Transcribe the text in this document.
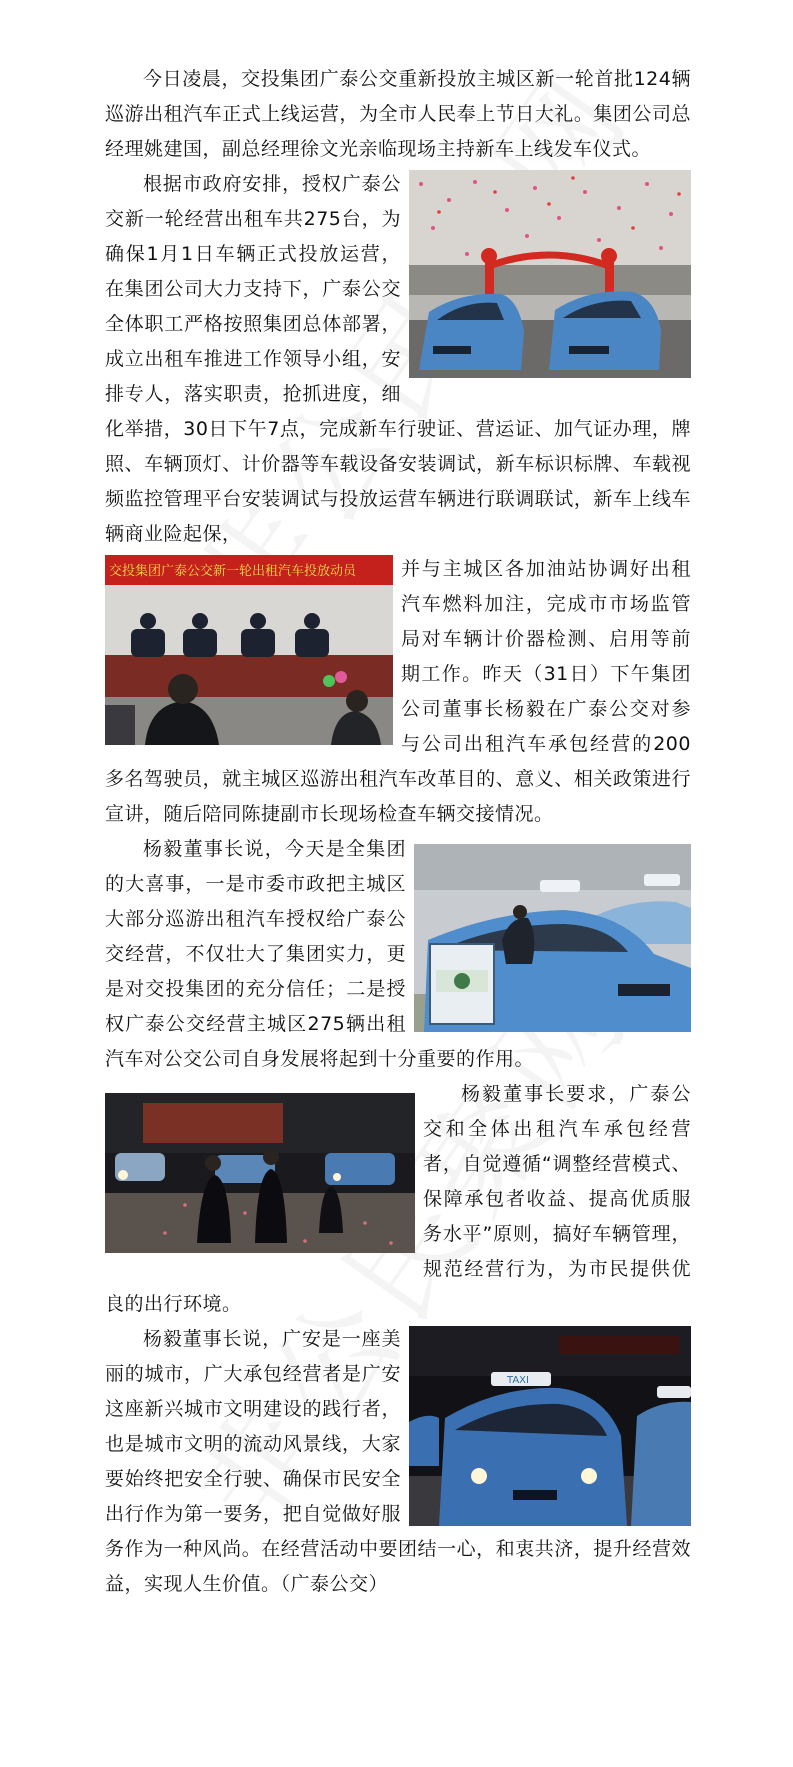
今日凌晨，交投集团广泰公交重新投放主城区新一轮首批124辆巡游出租汽车正式上线运营，为全市人民奉上节日大礼。集团公司总经理姚建国，副总经理徐文光亲临现场主持新车上线发车仪式。

根据市政府安排，授权广泰公交新一轮经营出租车共275台，为确保1月1日车辆正式投放运营，在集团公司大力支持下，广泰公交全体职工严格按照集团总体部署，成立出租车推进工作领导小组，安排专人，落实职责，抢抓进度，细化举措，30日下午7点，完成新车行驶证、营运证、加气证办理，牌照、车辆顶灯、计价器等车载设备安装调试，新车标识标牌、车载视频监控管理平台安装调试与投放运营车辆进行联调联试，新车上线车辆商业险起保，

交投集团广泰公交新一轮出租汽车投放动员	并与主城区各加油站协调好出租汽车燃料加注，完成市市场监管局对车辆计价器检测、启用等前期工作。昨天（31日）下午集团公司董事长杨毅在广泰公交对参与公司出租汽车承包经营的200多名驾驶员，就主城区巡游出租汽车改革目的、意义、相关政策进行宣讲，随后陪同陈捷副市长现场检查车辆交接情况。

杨毅董事长说，今天是全集团的大喜事，一是市委市政把主城区大部分巡游出租汽车授权给广泰公交经营，不仅壮大了集团实力，更是对交投集团的充分信任；二是授权广泰公交经营主城区275辆出租汽车对公交公司自身发展将起到十分重要的作用。

杨毅董事长要求，广泰公交和全体出租汽车承包经营者，自觉遵循“调整经营模式、保障承包者收益、提高优质服务水平”原则，搞好车辆管理，规范经营行为，为市民提供优良的出行环境。

TAXI

杨毅董事长说，广安是一座美丽的城市，广大承包经营者是广安这座新兴城市文明建设的践行者，也是城市文明的流动风景线，大家要始终把安全行驶、确保市民安全出行作为第一要务，把自觉做好服务作为一种风尚。在经营活动中要团结一心，和衷共济，提升经营效益，实现人生价值。（广泰公交）
